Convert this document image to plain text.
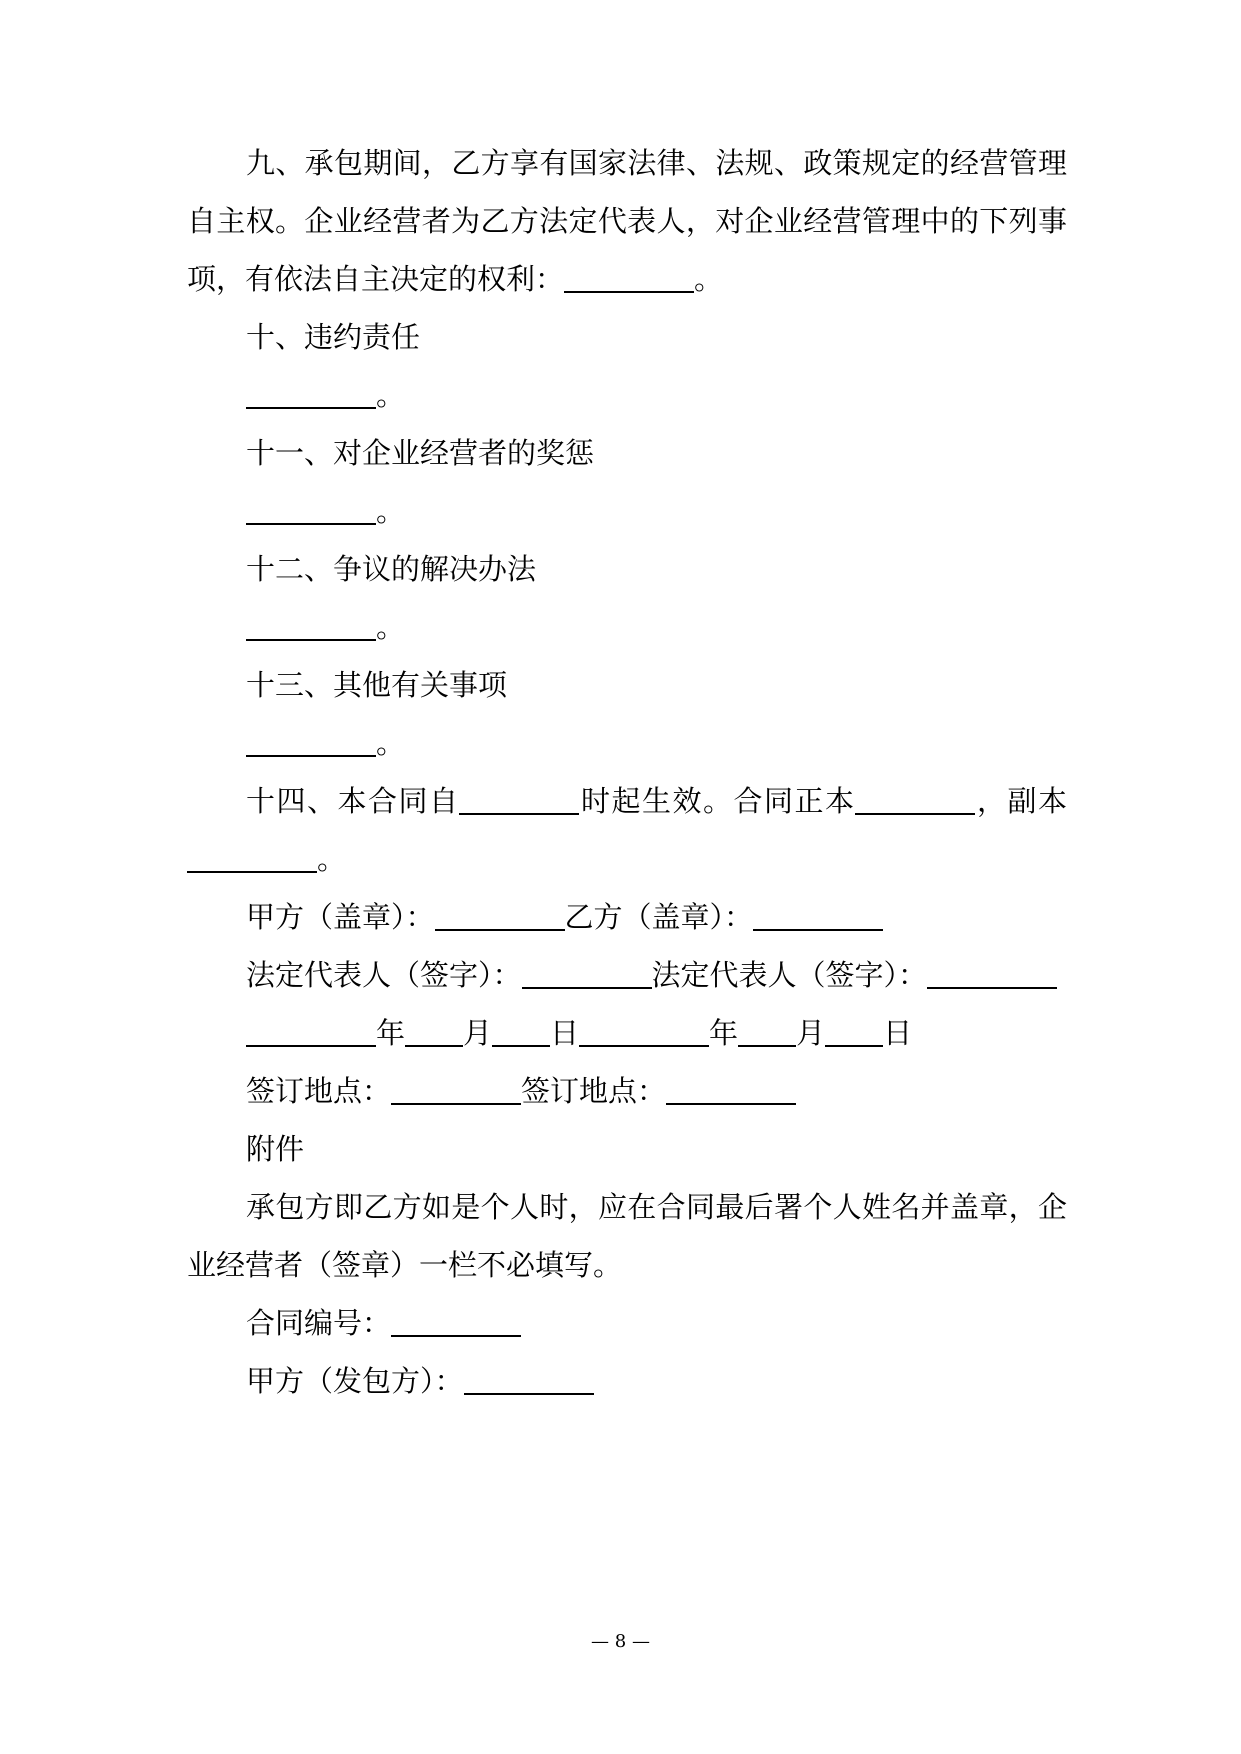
九、承包期间，乙方享有国家法律、法规、政策规定的经营管理
自主权。企业经营者为乙方法定代表人，对企业经营管理中的下列事
项，有依法自主决定的权利：	。
十、违约责任
。
十一、对企业经营者的奖惩
。
十二、争议的解决办法
。
十三、其他有关事项
。
十四、本合同自	时起生效。合同正本	，副本
。
甲方（盖章）：	乙方（盖章）：
法定代表人（签字）：	法定代表人（签字）：
年 月 日	年 月 日
签订地点：	签订地点：
附件
承包方即乙方如是个人时，应在合同最后署个人姓名并盖章，企
业经营者（签章）一栏不必填写。
合同编号：
甲方（发包方）：
— 8 —
